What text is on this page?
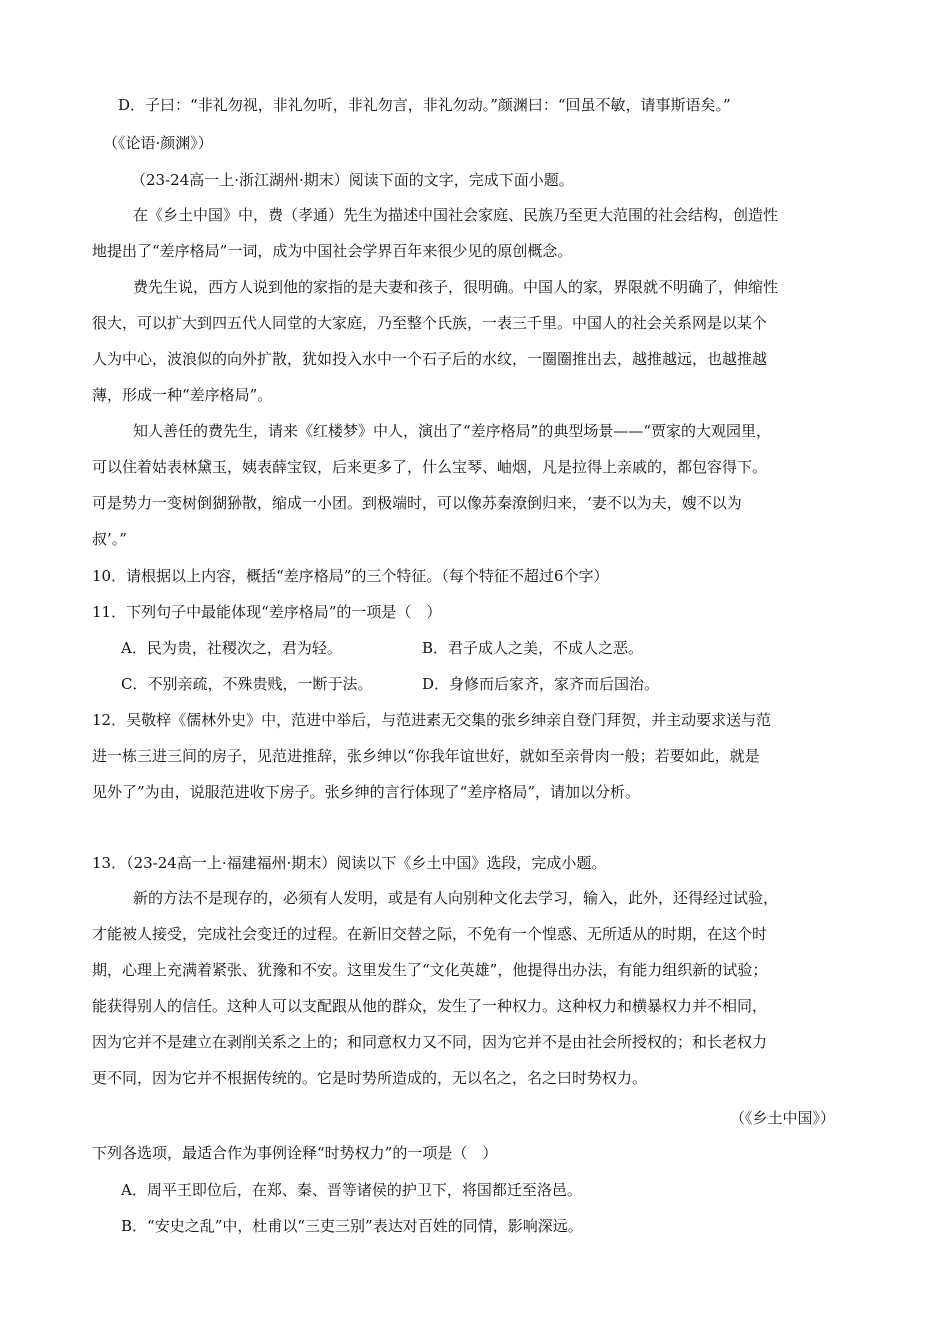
D．子曰：“非礼勿视，非礼勿听，非礼勿言，非礼勿动。”颜渊曰：“回虽不敏，请事斯语矣。”
（《论语·颜渊》）
（23-24高一上·浙江湖州·期末）阅读下面的文字，完成下面小题。
在《乡土中国》中，费（孝通）先生为描述中国社会家庭、民族乃至更大范围的社会结构，创造性
地提出了“差序格局”一词，成为中国社会学界百年来很少见的原创概念。
费先生说，西方人说到他的家指的是夫妻和孩子，很明确。中国人的家，界限就不明确了，伸缩性
很大，可以扩大到四五代人同堂的大家庭，乃至整个氏族，一表三千里。中国人的社会关系网是以某个
人为中心，波浪似的向外扩散，犹如投入水中一个石子后的水纹，一圈圈推出去，越推越远，也越推越
薄，形成一种“差序格局”。
知人善任的费先生，请来《红楼梦》中人，演出了“差序格局”的典型场景——“贾家的大观园里，
可以住着姑表林黛玉，姨表薛宝钗，后来更多了，什么宝琴、岫烟，凡是拉得上亲戚的，都包容得下。
可是势力一变树倒猢狲散，缩成一小团。到极端时，可以像苏秦潦倒归来，‘妻不以为夫，嫂不以为
叔’。”
10．请根据以上内容，概括“差序格局”的三个特征。（每个特征不超过6个字）
11．下列句子中最能体现“差序格局”的一项是（　）
A．民为贵，社稷次之，君为轻。	B．君子成人之美，不成人之恶。
C．不别亲疏，不殊贵贱，一断于法。	D．身修而后家齐，家齐而后国治。
12．吴敬梓《儒林外史》中，范进中举后，与范进素无交集的张乡绅亲自登门拜贺，并主动要求送与范
进一栋三进三间的房子，见范进推辞，张乡绅以“你我年谊世好，就如至亲骨肉一般；若要如此，就是
见外了”为由，说服范进收下房子。张乡绅的言行体现了“差序格局”，请加以分析。
13．（23-24高一上·福建福州·期末）阅读以下《乡土中国》选段，完成小题。
新的方法不是现存的，必须有人发明，或是有人向别种文化去学习，输入，此外，还得经过试验，
才能被人接受，完成社会变迁的过程。在新旧交替之际，不免有一个惶惑、无所适从的时期，在这个时
期，心理上充满着紧张、犹豫和不安。这里发生了“文化英雄”，他提得出办法，有能力组织新的试验；
能获得别人的信任。这种人可以支配跟从他的群众，发生了一种权力。这种权力和横暴权力并不相同，
因为它并不是建立在剥削关系之上的；和同意权力又不同，因为它并不是由社会所授权的；和长老权力
更不同，因为它并不根据传统的。它是时势所造成的，无以名之，名之曰时势权力。
（《乡土中国》）
下列各选项，最适合作为事例诠释“时势权力”的一项是（　）
A．周平王即位后，在郑、秦、晋等诸侯的护卫下，将国都迁至洛邑。
B．“安史之乱”中，杜甫以“三吏三别”表达对百姓的同情，影响深远。
